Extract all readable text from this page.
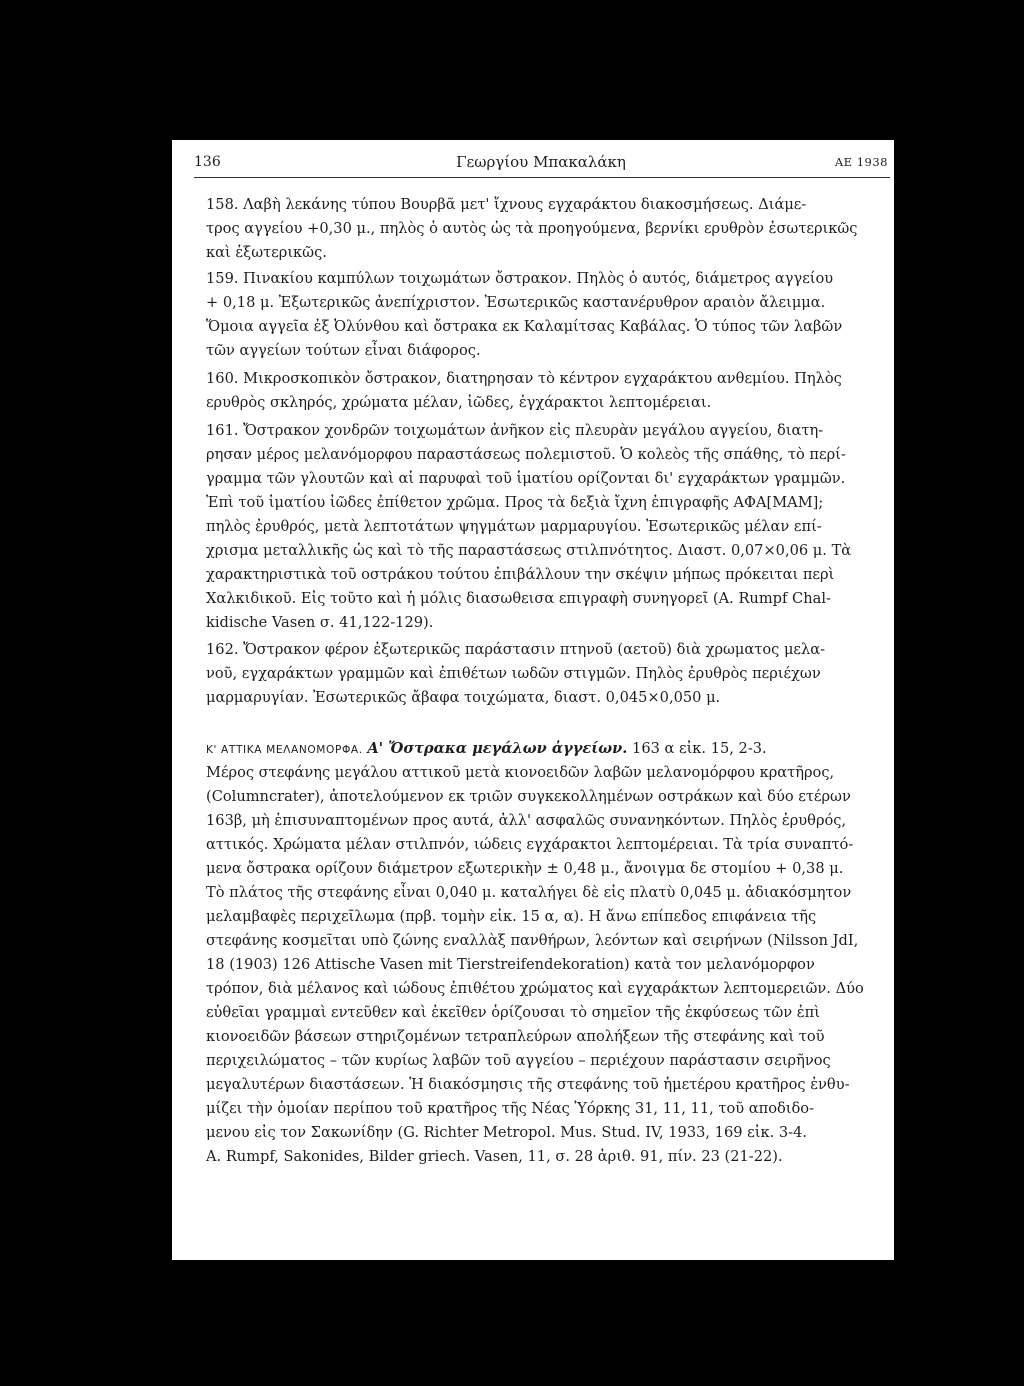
136	Γεωργίου Μπακαλάκη	ΑΕ 1938
158. Λαβὴ λεκάνης τύπου Βουρβᾶ μετ' ἴχνους εγχαράκτου διακοσμήσεως. Διάμε-
τρος αγγείου +0,30 μ., πηλὸς ὁ αυτὸς ὡς τὰ προηγούμενα, βερνίκι ερυθρὸν ἐσωτερικῶς
καὶ ἐξωτερικῶς.
159. Πινακίου καμπύλων τοιχωμάτων ὄστρακον. Πηλὸς ὁ αυτός, διάμετρος αγγείου
+ 0,18 μ. Ἐξωτερικῶς ἀνεπίχριστον. Ἐσωτερικῶς καστανέρυθρον αραιὸν ἄλειμμα.
Ὅμοια αγγεῖα ἐξ Ὀλύνθου καὶ ὄστρακα εκ Καλαμίτσας Καβάλας. Ὁ τύπος τῶν λαβῶν
τῶν αγγείων τούτων εἶναι διάφορος.
160. Μικροσκοπικὸν ὄστρακον, διατηρησαν τὸ κέντρον εγχαράκτου ανθεμίου. Πηλὸς
ερυθρὸς σκληρός, χρώματα μέλαν, ἰῶδες, ἐγχάρακτοι λεπτομέρειαι.
161. Ὄστρακον χονδρῶν τοιχωμάτων ἀνῆκον εἰς πλευρὰν μεγάλου αγγείου, διατη-
ρησαν μέρος μελανόμορφου παραστάσεως πολεμιστοῦ. Ὁ κολεὸς τῆς σπάθης, τὸ περί-
γραμμα τῶν γλουτῶν καὶ αἱ παρυφαὶ τοῦ ἱματίου ορίζονται δι' εγχαράκτων γραμμῶν.
Ἐπὶ τοῦ ἱματίου ἰῶδες ἐπίθετον χρῶμα. Προς τὰ δεξιὰ ἴχνη ἐπιγραφῆς ΑΦΑ[ΜΑΜ];
πηλὸς ἐρυθρός, μετὰ λεπτοτάτων ψηγμάτων μαρμαρυγίου. Ἐσωτερικῶς μέλαν επί-
χρισμα μεταλλικῆς ὡς καὶ τὸ τῆς παραστάσεως στιλπνότητος. Διαστ. 0,07×0,06 μ. Τὰ
χαρακτηριστικὰ τοῦ οστράκου τούτου ἐπιβάλλουν την σκέψιν μήπως πρόκειται περὶ
Χαλκιδικοῦ. Εἰς τοῦτο καὶ ἡ μόλις διασωθεισα επιγραφὴ συνηγορεῖ (Α. Rumpf Chal-
kidische Vasen σ. 41,122-129).
162. Ὄστρακον φέρον ἐξωτερικῶς παράστασιν πτηνοῦ (αετοῦ) διὰ χρωματος μελα-
νοῦ, εγχαράκτων γραμμῶν καὶ ἐπιθέτων ιωδῶν στιγμῶν. Πηλὸς ἐρυθρὸς περιέχων
μαρμαρυγίαν. Ἐσωτερικῶς ἄβαφα τοιχώματα, διαστ. 0,045×0,050 μ.
Κ' ΑΤΤΙΚΑ ΜΕΛΑΝΟΜΟΡΦΑ. Α' Ὄστρακα μεγάλων ἀγγείων. 163 α εἰκ. 15, 2-3.
Μέρος στεφάνης μεγάλου αττικοῦ μετὰ κιονοειδῶν λαβῶν μελανομόρφου κρατῆρος,
(Columncrater), ἀποτελούμενον εκ τριῶν συγκεκολλημένων οστράκων καὶ δύο ετέρων
163β, μὴ ἐπισυναπτομένων προς αυτά, ἀλλ' ασφαλῶς συνανηκόντων. Πηλὸς ἐρυθρός,
αττικός. Χρώματα μέλαν στιλπνόν, ιώδεις εγχάρακτοι λεπτομέρειαι. Τὰ τρία συναπτό-
μενα ὄστρακα ορίζουν διάμετρον εξωτερικὴν ± 0,48 μ., ἄνοιγμα δε στομίου + 0,38 μ.
Τὸ πλάτος τῆς στεφάνης εἶναι 0,040 μ. καταλήγει δὲ εἰς πλατὺ 0,045 μ. ἀδιακόσμητον
μελαμβαφὲς περιχεῖλωμα (πρβ. τομὴν εἰκ. 15 α, α). Η ἄνω επίπεδος επιφάνεια τῆς
στεφάνης κοσμεῖται υπὸ ζώνης εναλλὰξ πανθήρων, λεόντων καὶ σειρήνων (Nilsson JdI,
18 (1903) 126 Attische Vasen mit Tierstreifendekoration) κατὰ τον μελανόμορφον
τρόπον, διὰ μέλανος καὶ ιώδους ἐπιθέτου χρώματος καὶ εγχαράκτων λεπτομερειῶν. Δύο
εὐθεῖαι γραμμαὶ εντεῦθεν καὶ ἐκεῖθεν ὁρίζουσαι τὸ σημεῖον τῆς ἐκφύσεως τῶν ἐπὶ
κιονοειδῶν βάσεων στηριζομένων τετραπλεύρων απολήξεων τῆς στεφάνης καὶ τοῦ
περιχειλώματος – τῶν κυρίως λαβῶν τοῦ αγγείου – περιέχουν παράστασιν σειρῆνος
μεγαλυτέρων διαστάσεων. Ἡ διακόσμησις τῆς στεφάνης τοῦ ἡμετέρου κρατῆρος ἐνθυ-
μίζει τὴν ὁμοίαν περίπου τοῦ κρατῆρος τῆς Νέας Ὑόρκης 31, 11, 11, τοῦ αποδιδο-
μενου εἰς τον Σακωνίδην (G. Richter Metropol. Mus. Stud. IV, 1933, 169 εἰκ. 3-4.
A. Rumpf, Sakonides, Bilder griech. Vasen, 11, σ. 28 ἀριθ. 91, πίν. 23 (21-22).
